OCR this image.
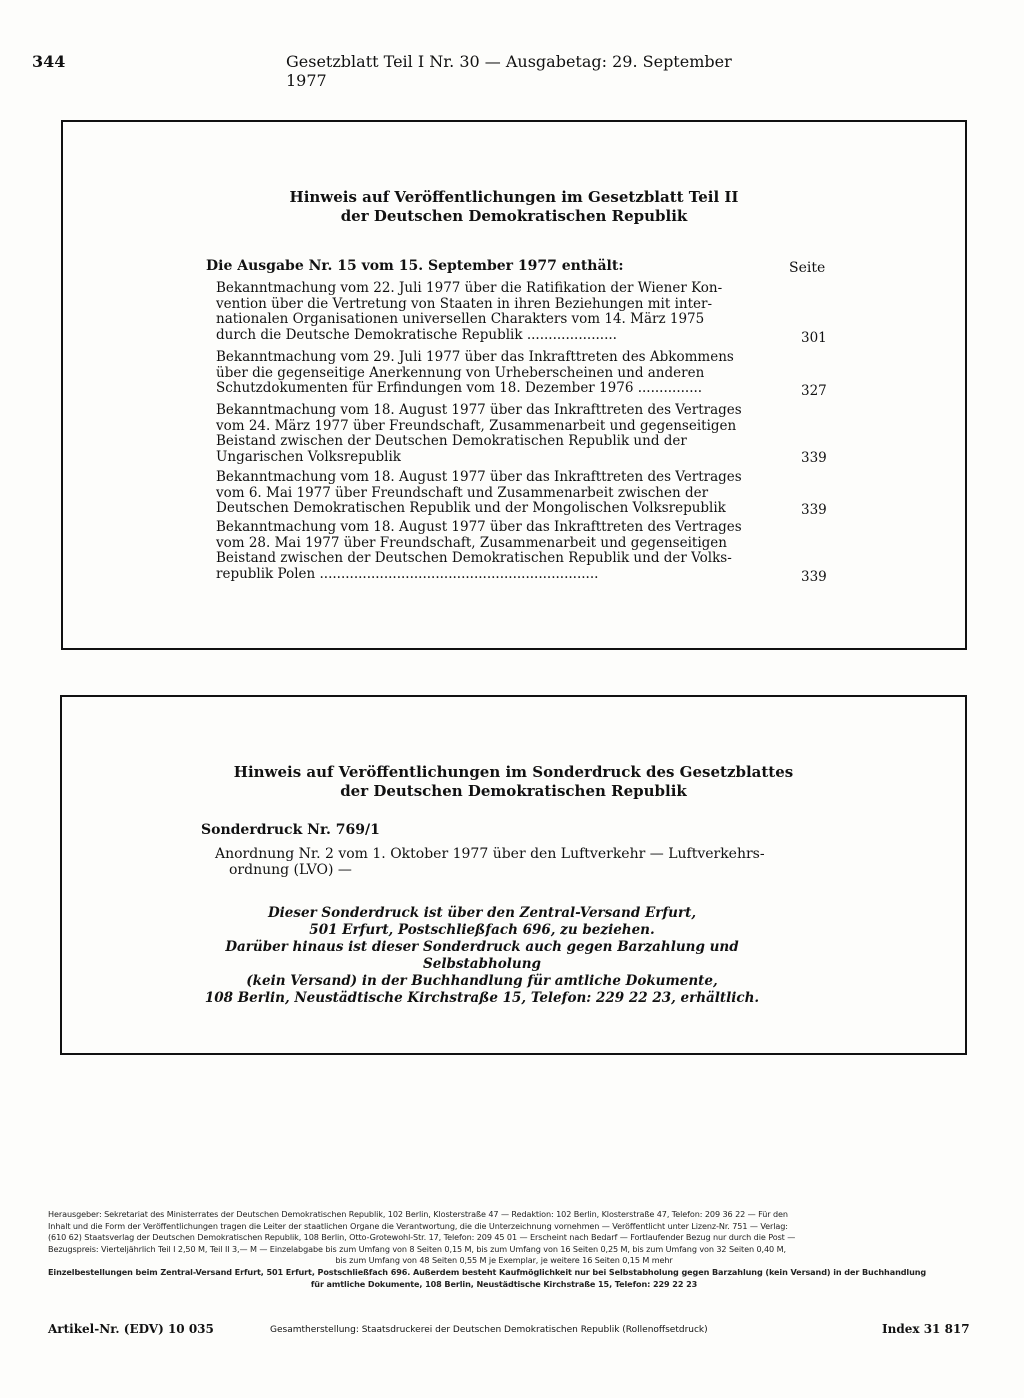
344	Gesetzblatt Teil I Nr. 30 — Ausgabetag: 29. September 1977
Hinweis auf Veröffentlichungen im Gesetzblatt Teil II
der Deutschen Demokratischen Republik
Die Ausgabe Nr. 15 vom 15. September 1977 enthält:	Seite
Bekanntmachung vom 22. Juli 1977 über die Ratifikation der Wiener Kon-
vention über die Vertretung von Staaten in ihren Beziehungen mit inter-
nationalen Organisationen universellen Charakters vom 14. März 1975
durch die Deutsche Demokratische Republik .....................	301
Bekanntmachung vom 29. Juli 1977 über das Inkrafttreten des Abkommens
über die gegenseitige Anerkennung von Urheberscheinen und anderen
Schutzdokumenten für Erfindungen vom 18. Dezember 1976 ...............	327
Bekanntmachung vom 18. August 1977 über das Inkrafttreten des Vertrages
vom 24. März 1977 über Freundschaft, Zusammenarbeit und gegenseitigen
Beistand zwischen der Deutschen Demokratischen Republik und der
Ungarischen Volksrepublik	339
Bekanntmachung vom 18. August 1977 über das Inkrafttreten des Vertrages
vom 6. Mai 1977 über Freundschaft und Zusammenarbeit zwischen der
Deutschen Demokratischen Republik und der Mongolischen Volksrepublik	339
Bekanntmachung vom 18. August 1977 über das Inkrafttreten des Vertrages
vom 28. Mai 1977 über Freundschaft, Zusammenarbeit und gegenseitigen
Beistand zwischen der Deutschen Demokratischen Republik und der Volks-
republik Polen .................................................................	339
Hinweis auf Veröffentlichungen im Sonderdruck des Gesetzblattes
der Deutschen Demokratischen Republik
Sonderdruck Nr. 769/1
Anordnung Nr. 2 vom 1. Oktober 1977 über den Luftverkehr — Luftverkehrs-
ordnung (LVO) —
Dieser Sonderdruck ist über den Zentral-Versand Erfurt,
501 Erfurt, Postschließfach 696, zu beziehen.
Darüber hinaus ist dieser Sonderdruck auch gegen Barzahlung und Selbstabholung
(kein Versand) in der Buchhandlung für amtliche Dokumente,
108 Berlin, Neustädtische Kirchstraße 15, Telefon: 229 22 23, erhältlich.
Herausgeber: Sekretariat des Ministerrates der Deutschen Demokratischen Republik, 102 Berlin, Klosterstraße 47 — Redaktion: 102 Berlin, Klosterstraße 47, Telefon: 209 36 22 — Für den
Inhalt und die Form der Veröffentlichungen tragen die Leiter der staatlichen Organe die Verantwortung, die die Unterzeichnung vornehmen — Veröffentlicht unter Lizenz-Nr. 751 — Verlag:
(610 62) Staatsverlag der Deutschen Demokratischen Republik, 108 Berlin, Otto-Grotewohl-Str. 17, Telefon: 209 45 01 — Erscheint nach Bedarf — Fortlaufender Bezug nur durch die Post —
Bezugspreis: Vierteljährlich Teil I 2,50 M, Teil II 3,— M — Einzelabgabe bis zum Umfang von 8 Seiten 0,15 M, bis zum Umfang von 16 Seiten 0,25 M, bis zum Umfang von 32 Seiten 0,40 M,
bis zum Umfang von 48 Seiten 0,55 M je Exemplar, je weitere 16 Seiten 0,15 M mehr
Einzelbestellungen beim Zentral-Versand Erfurt, 501 Erfurt, Postschließfach 696. Außerdem besteht Kaufmöglichkeit nur bei Selbstabholung gegen Barzahlung (kein Versand) in der Buchhandlung
für amtliche Dokumente, 108 Berlin, Neustädtische Kirchstraße 15, Telefon: 229 22 23
Artikel-Nr. (EDV) 10 035	Gesamtherstellung: Staatsdruckerei der Deutschen Demokratischen Republik (Rollenoffsetdruck)	Index 31 817
